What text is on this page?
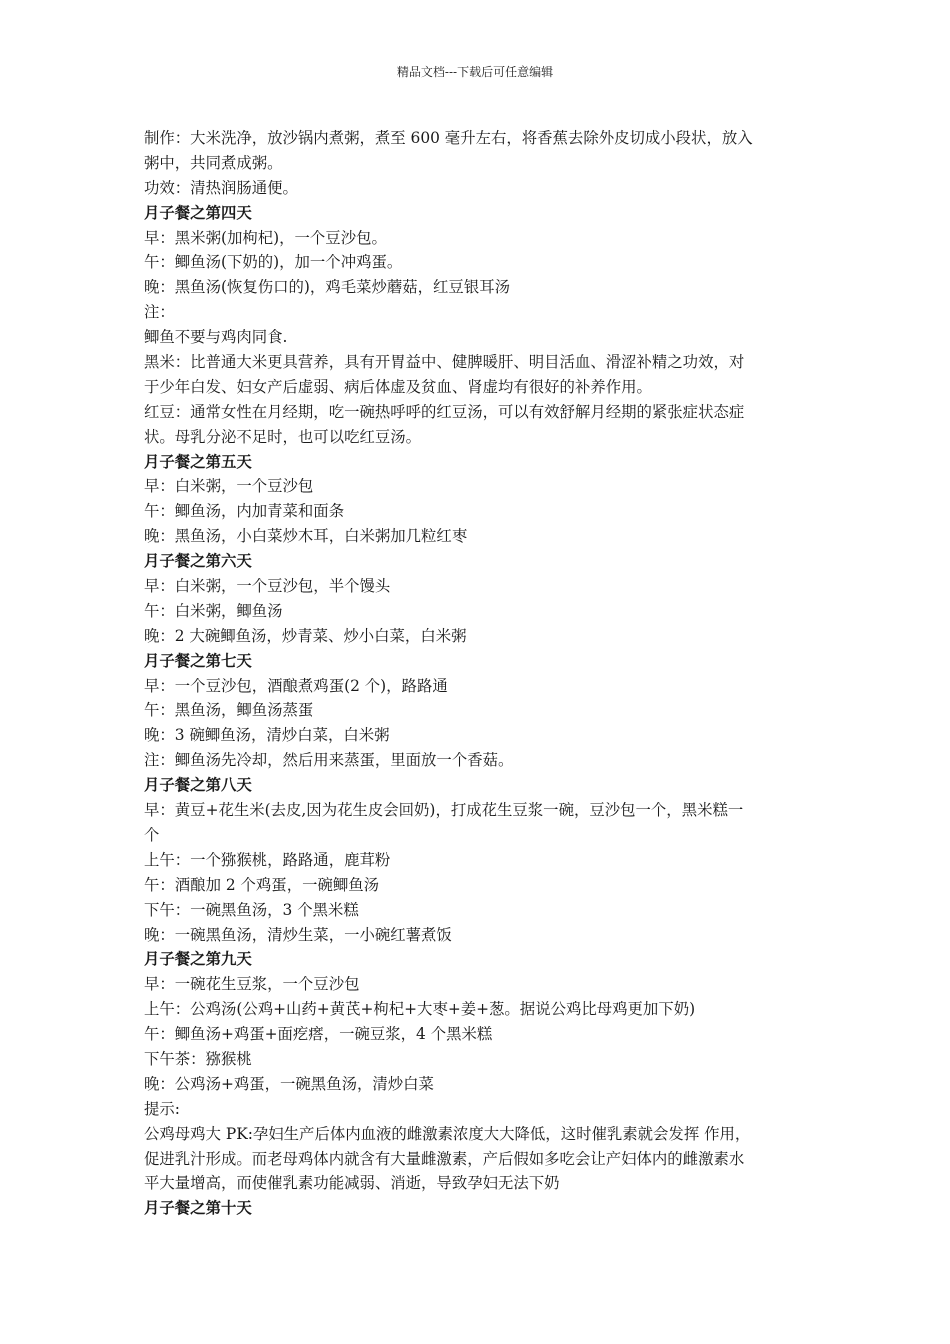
精品文档---下载后可任意编辑
制作：大米洗净，放沙锅内煮粥，煮至 600 毫升左右，将香蕉去除外皮切成小段状，放入
粥中，共同煮成粥。
功效：清热润肠通便。
月子餐之第四天
早：黑米粥(加枸杞)，一个豆沙包。
午：鲫鱼汤(下奶的)，加一个冲鸡蛋。
晚：黑鱼汤(恢复伤口的)，鸡毛菜炒蘑菇，红豆银耳汤
注：
鲫鱼不要与鸡肉同食.
黑米：比普通大米更具营养，具有开胃益中、健脾暖肝、明目活血、滑涩补精之功效，对
于少年白发、妇女产后虚弱、病后体虚及贫血、肾虚均有很好的补养作用。
红豆：通常女性在月经期，吃一碗热呼呼的红豆汤，可以有效舒解月经期的紧张症状态症
状。母乳分泌不足时，也可以吃红豆汤。
月子餐之第五天
早：白米粥，一个豆沙包
午：鲫鱼汤，内加青菜和面条
晚：黑鱼汤，小白菜炒木耳，白米粥加几粒红枣
月子餐之第六天
早：白米粥，一个豆沙包，半个馒头
午：白米粥，鲫鱼汤
晚：2 大碗鲫鱼汤，炒青菜、炒小白菜，白米粥
月子餐之第七天
早：一个豆沙包，酒酿煮鸡蛋(2 个)，路路通
午：黑鱼汤，鲫鱼汤蒸蛋
晚：3 碗鲫鱼汤，清炒白菜，白米粥
注：鲫鱼汤先冷却，然后用来蒸蛋，里面放一个香菇。
月子餐之第八天
早：黄豆+花生米(去皮,因为花生皮会回奶)，打成花生豆浆一碗，豆沙包一个，黑米糕一
个
上午：一个猕猴桃，路路通，鹿茸粉
午：酒酿加 2 个鸡蛋，一碗鲫鱼汤
下午：一碗黑鱼汤，3 个黑米糕
晚：一碗黑鱼汤，清炒生菜，一小碗红薯煮饭
月子餐之第九天
早：一碗花生豆浆，一个豆沙包
上午：公鸡汤(公鸡+山药+黄芪+枸杞+大枣+姜+葱。据说公鸡比母鸡更加下奶)
午：鲫鱼汤+鸡蛋+面疙瘩，一碗豆浆，4 个黑米糕
下午茶：猕猴桃
晚：公鸡汤+鸡蛋，一碗黑鱼汤，清炒白菜
提示:
公鸡母鸡大 PK:孕妇生产后体内血液的雌激素浓度大大降低，这时催乳素就会发挥 作用，
促进乳汁形成。而老母鸡体内就含有大量雌激素，产后假如多吃会让产妇体内的雌激素水
平大量增高，而使催乳素功能减弱、消逝，导致孕妇无法下奶
月子餐之第十天
